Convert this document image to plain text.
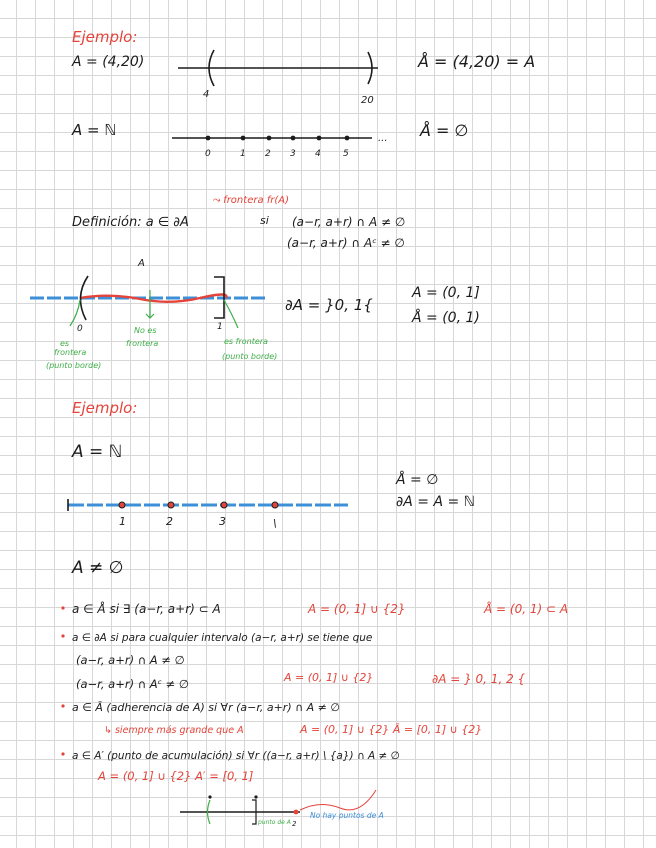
Ejemplo:
A = (4,20)
4
20
Å = (4,20) = A
A = ℕ
0	1 2 3 4 5
... Å = ∅
⤳ frontera fr(A)
Definición: a ∈ ∂A	si (a−r, a+r) ∩ A ≠ ∅
(a−r, a+r) ∩ Aᶜ ≠ ∅
A
0	1
es
frontera
(punto borde)
No es
frontera	es frontera
(punto borde)
∂A = }0, 1{
A = (0, 1]
Å = (0, 1)
Ejemplo:
A = ℕ
Å = ∅
∂A = A = ℕ
1	2	3	\
A ≠ ∅
a ∈ Å si ∃ (a−r, a+r) ⊂ A	A = (0, 1] ∪ {2}	Å = (0, 1) ⊂ A
a ∈ ∂A si para cualquier intervalo (a−r, a+r) se tiene que
(a−r, a+r) ∩ A ≠ ∅
(a−r, a+r) ∩ Aᶜ ≠ ∅	A = (0, 1] ∪ {2}	∂A = } 0, 1, 2 {
a ∈ Ā (adherencia de A) si ∀r (a−r, a+r) ∩ A ≠ ∅
↳ siempre más grande que A	A = (0, 1] ∪ {2} Ā = [0, 1] ∪ {2}
a ∈ A′ (punto de acumulación) si ∀r ((a−r, a+r) \ {a}) ∩ A ≠ ∅
A = (0, 1] ∪ {2} A′ = [0, 1]
2
punto de A
No hay puntos de A
